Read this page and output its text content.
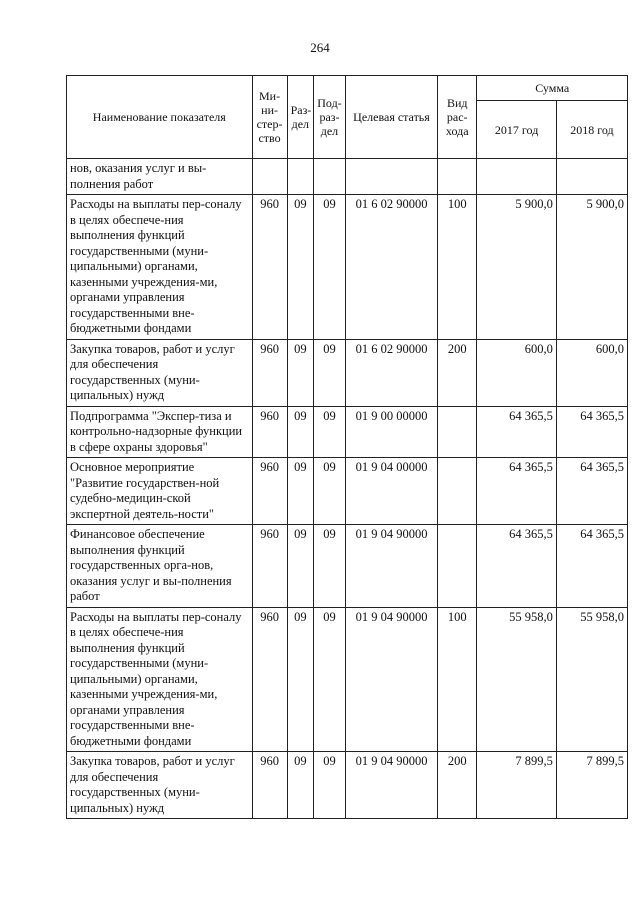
264
Наименование показателя	Ми-ни-стер-ство	Раз-дел	Под-раз-дел	Целевая статья	Вид рас-хода	Сумма	
						2017 год	2018 год
нов, оказания услуг и вы-полнения работ							
Расходы на выплаты пер-соналу в целях обеспече-ния выполнения функций государственными (муни-ципальными) органами, казенными учреждения-ми, органами управления государственными вне-бюджетными фондами	960	09	09	01 6 02 90000	100	5 900,0	5 900,0
Закупка товаров, работ и услуг для обеспечения государственных (муни-ципальных) нужд	960	09	09	01 6 02 90000	200	600,0	600,0
Подпрограмма "Экспер-тиза и контрольно-надзорные функции в сфере охраны здоровья"	960	09	09	01 9 00 00000		64 365,5	64 365,5
Основное мероприятие "Развитие государствен-ной судебно-медицин-ской экспертной деятель-ности"	960	09	09	01 9 04 00000		64 365,5	64 365,5
Финансовое обеспечение выполнения функций государственных орга-нов, оказания услуг и вы-полнения работ	960	09	09	01 9 04 90000		64 365,5	64 365,5
Расходы на выплаты пер-соналу в целях обеспече-ния выполнения функций государственными (муни-ципальными) органами, казенными учреждения-ми, органами управления государственными вне-бюджетными фондами	960	09	09	01 9 04 90000	100	55 958,0	55 958,0
Закупка товаров, работ и услуг для обеспечения государственных (муни-ципальных) нужд	960	09	09	01 9 04 90000	200	7 899,5	7 899,5
